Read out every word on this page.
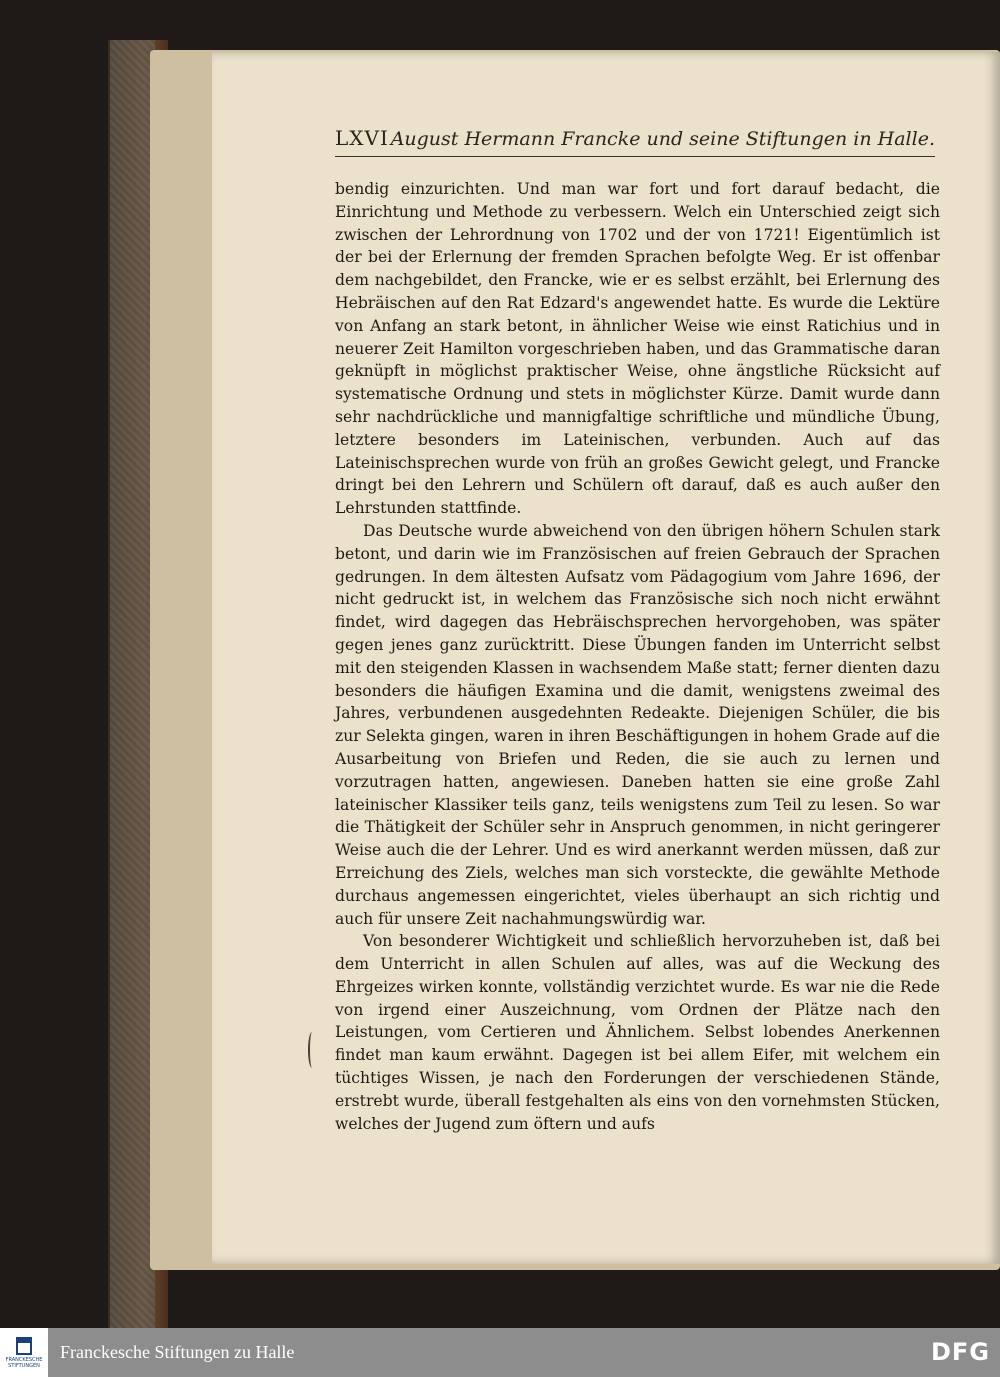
LXVI August Hermann Francke und seine Stiftungen in Halle.

bendig einzurichten. Und man war fort und fort darauf bedacht, die Einrichtung und Methode zu verbessern. Welch ein Unterschied zeigt sich zwischen der Lehrordnung von 1702 und der von 1721! Eigentümlich ist der bei der Erlernung der fremden Sprachen befolgte Weg. Er ist offenbar dem nachgebildet, den Francke, wie er es selbst erzählt, bei Erlernung des Hebräischen auf den Rat Edzard's angewendet hatte. Es wurde die Lektüre von Anfang an stark betont, in ähnlicher Weise wie einst Ratichius und in neuerer Zeit Hamilton vorgeschrieben haben, und das Grammatische daran geknüpft in möglichst praktischer Weise, ohne ängstliche Rücksicht auf systematische Ordnung und stets in möglichster Kürze. Damit wurde dann sehr nachdrückliche und mannigfaltige schriftliche und mündliche Übung, letztere besonders im Lateinischen, verbunden. Auch auf das Lateinischsprechen wurde von früh an großes Gewicht gelegt, und Francke dringt bei den Lehrern und Schülern oft darauf, daß es auch außer den Lehrstunden stattfinde.

Das Deutsche wurde abweichend von den übrigen höhern Schulen stark betont, und darin wie im Französischen auf freien Gebrauch der Sprachen gedrungen. In dem ältesten Aufsatz vom Pädagogium vom Jahre 1696, der nicht gedruckt ist, in welchem das Französische sich noch nicht erwähnt findet, wird dagegen das Hebräischsprechen hervorgehoben, was später gegen jenes ganz zurücktritt. Diese Übungen fanden im Unterricht selbst mit den steigenden Klassen in wachsendem Maße statt; ferner dienten dazu besonders die häufigen Examina und die damit, wenigstens zweimal des Jahres, verbundenen ausgedehnten Redeakte. Diejenigen Schüler, die bis zur Selekta gingen, waren in ihren Beschäftigungen in hohem Grade auf die Ausarbeitung von Briefen und Reden, die sie auch zu lernen und vorzutragen hatten, angewiesen. Daneben hatten sie eine große Zahl lateinischer Klassiker teils ganz, teils wenigstens zum Teil zu lesen. So war die Thätigkeit der Schüler sehr in Anspruch genommen, in nicht geringerer Weise auch die der Lehrer. Und es wird anerkannt werden müssen, daß zur Erreichung des Ziels, welches man sich vorsteckte, die gewählte Methode durchaus angemessen eingerichtet, vieles überhaupt an sich richtig und auch für unsere Zeit nachahmungswürdig war.

Von besonderer Wichtigkeit und schließlich hervorzuheben ist, daß bei dem Unterricht in allen Schulen auf alles, was auf die Weckung des Ehrgeizes wirken konnte, vollständig verzichtet wurde. Es war nie die Rede von irgend einer Auszeichnung, vom Ordnen der Plätze nach den Leistungen, vom Certieren und Ähnlichem. Selbst lobendes Anerkennen findet man kaum erwähnt. Dagegen ist bei allem Eifer, mit welchem ein tüchtiges Wissen, je nach den Forderungen der verschiedenen Stände, erstrebt wurde, überall festgehalten als eins von den vornehmsten Stücken, welches der Jugend zum öftern und aufs

FRANCKESCHE STIFTUNGEN
Franckesche Stiftungen zu Halle	DFG
